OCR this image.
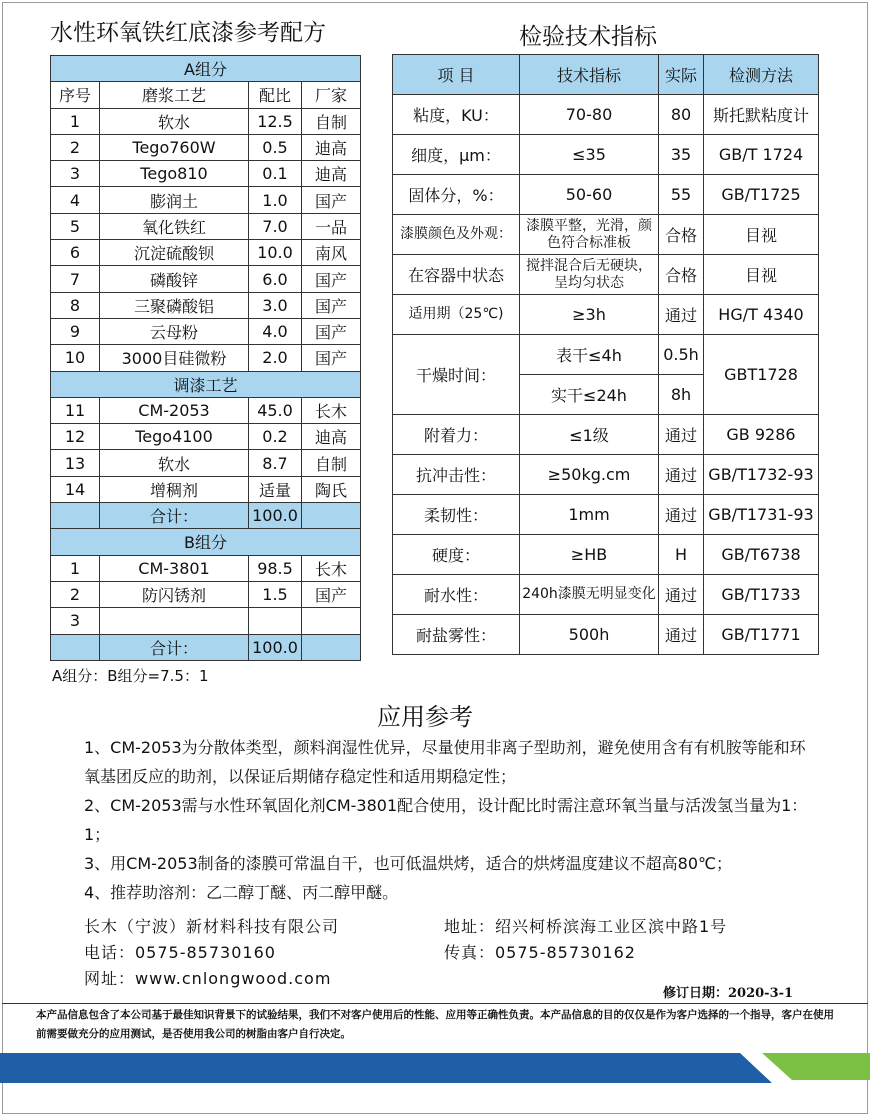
水性环氧铁红底漆参考配方	检验技术指标
A组分			
序号	磨浆工艺	配比	厂家
1	软水	12.5	自制
2	Tego760W	0.5	迪高
3	Tego810	0.1	迪高
4	膨润土	1.0	国产
5	氧化铁红	7.0	一品
6	沉淀硫酸钡	10.0	南风
7	磷酸锌	6.0	国产
8	三聚磷酸铝	3.0	国产
9	云母粉	4.0	国产
10	3000目硅微粉	2.0	国产
调漆工艺			
11	CM-2053	45.0	长木
12	Tego4100	0.2	迪高
13	软水	8.7	自制
14	增稠剂	适量	陶氏
	合计：	100.0	
B组分			
1	CM-3801	98.5	长木
2	防闪锈剂	1.5	国产
3			
	合计：	100.0	
A组分：B组分=7.5：1
项 目	技术指标	实际	检测方法
粘度，KU：	70-80	80	斯托默粘度计
细度，μm：	≤35	35	GB/T 1724
固体分，%：	50-60	55	GB/T1725
漆膜颜色及外观：	漆膜平整，光滑，颜色符合标准板	合格	目视
在容器中状态	搅拌混合后无硬块，呈均匀状态	合格	目视
适用期（25℃)	≥3h	通过	HG/T 4340
干燥时间：	表干≤4h	0.5h	GBT1728
	实干≤24h	8h	
附着力：	≤1级	通过	GB 9286
抗冲击性：	≥50kg.cm	通过	GB/T1732-93
柔韧性：	1mm	通过	GB/T1731-93
硬度：	≥HB	H	GB/T6738
耐水性：	240h漆膜无明显变化	通过	GB/T1733
耐盐雾性：	500h	通过	GB/T1771
应用参考

1、CM-2053为分散体类型，颜料润湿性优异，尽量使用非离子型助剂，避免使用含有有机胺等能和环氧基团反应的助剂，以保证后期储存稳定性和适用期稳定性；

2、CM-2053需与水性环氧固化剂CM-3801配合使用，设计配比时需注意环氧当量与活泼氢当量为1：1；

3、用CM-2053制备的漆膜可常温自干，也可低温烘烤，适合的烘烤温度建议不超高80℃；

4、推荐助溶剂：乙二醇丁醚、丙二醇甲醚。

长木（宁波）新材料科技有限公司	地址：绍兴柯桥滨海工业区滨中路1号
电话：0575-85730160	传真：0575-85730162
网址：www.cnlongwood.com
修订日期：2020-3-1
本产品信息包含了本公司基于最佳知识背景下的试验结果，我们不对客户使用后的性能、应用等正确性负责。本产品信息的目的仅仅是作为客户选择的一个指导，客户在使用前需要做充分的应用测试，是否使用我公司的树脂由客户自行决定。
